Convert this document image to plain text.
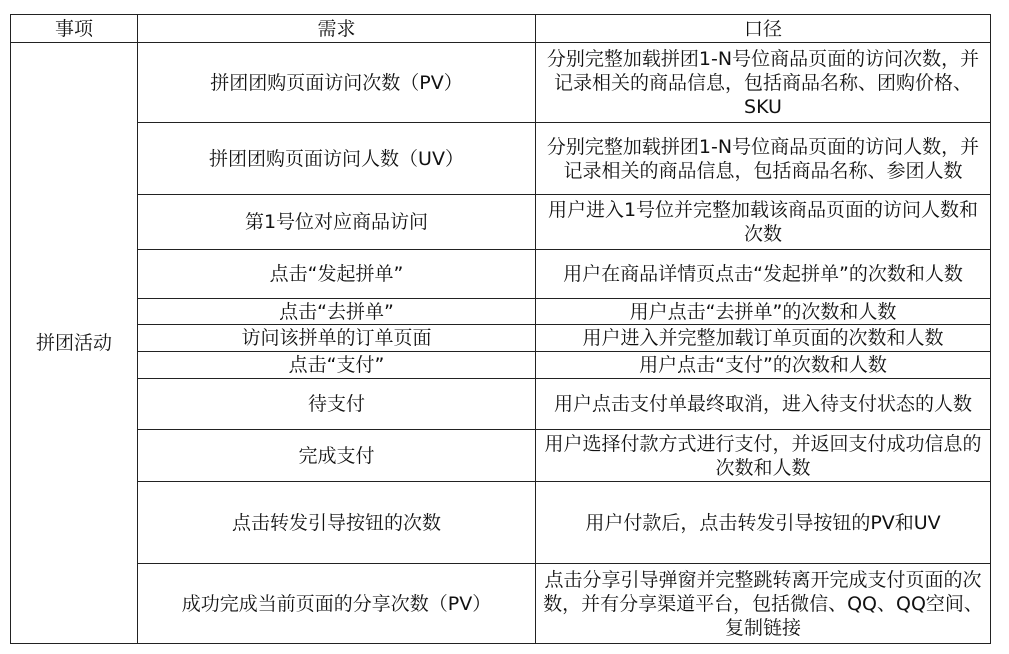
事项	需求	口径
拼团活动	拼团团购页面访问次数（PV）	分别完整加载拼团1-N号位商品页面的访问次数，并记录相关的商品信息，包括商品名称、团购价格、SKU
	拼团团购页面访问人数（UV）	分别完整加载拼团1-N号位商品页面的访问人数，并记录相关的商品信息，包括商品名称、参团人数
	第1号位对应商品访问	用户进入1号位并完整加载该商品页面的访问人数和次数
	点击“发起拼单”	用户在商品详情页点击“发起拼单”的次数和人数
	点击“去拼单”	用户点击“去拼单”的次数和人数
	访问该拼单的订单页面	用户进入并完整加载订单页面的次数和人数
	点击“支付”	用户点击“支付”的次数和人数
	待支付	用户点击支付单最终取消，进入待支付状态的人数
	完成支付	用户选择付款方式进行支付，并返回支付成功信息的次数和人数
	点击转发引导按钮的次数	用户付款后，点击转发引导按钮的PV和UV
	成功完成当前页面的分享次数（PV）	点击分享引导弹窗并完整跳转离开完成支付页面的次数，并有分享渠道平台，包括微信、QQ、QQ空间、复制链接
